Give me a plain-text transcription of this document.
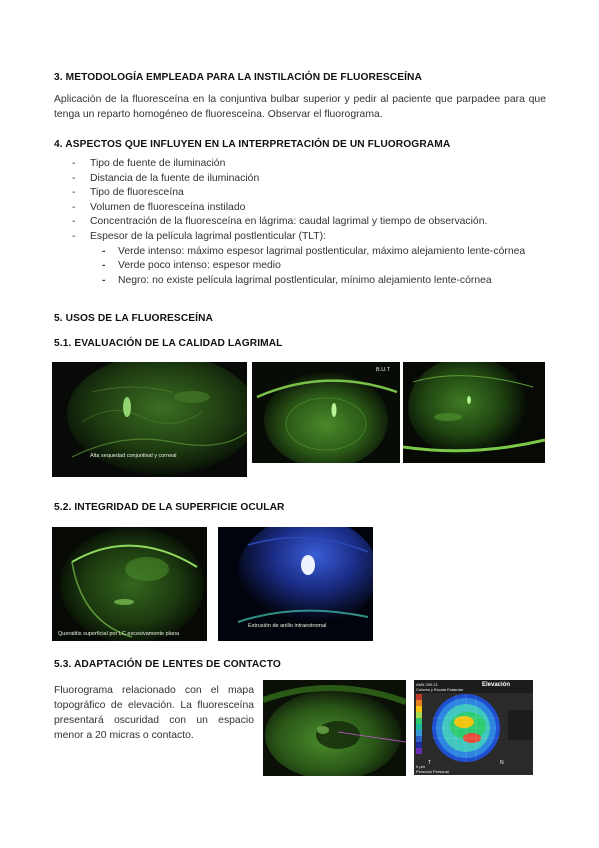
3. METODOLOGÍA EMPLEADA PARA LA INSTILACIÓN DE FLUORESCEÍNA

Aplicación de la fluoresceína en la conjuntiva bulbar superior y pedir al paciente que parpadee para que tenga un reparto homogéneo de fluoresceína. Observar el fluorograma.

4. ASPECTOS QUE INFLUYEN EN LA INTERPRETACIÓN DE UN FLUOROGRAMA
- Tipo de fuente de iluminación
- Distancia de la fuente de iluminación
- Tipo de fluoresceína
- Volumen de fluoresceína instilado
- Concentración de la fluoresceína en lágrima: caudal lagrimal y tiempo de observación.
- Espesor de la película lagrimal postlenticular (TLT):
- Verde intenso: máximo espesor lagrimal postlenticular, máximo alejamiento lente-córnea
- Verde poco intenso: espesor medio
- Negro: no existe película lagrimal postlenticular, mínimo alejamiento lente-córnea
5. USOS DE LA FLUORESCEÍNA
5.1. EVALUACIÓN DE LA CALIDAD LAGRIMAL
Alta sequedad conjuntival y corneal
B.U.T
5.2. INTEGRIDAD DE LA SUPERFICIE OCULAR
Queratitis superficial por LC excesivamente plana
Extrusión de anillo intraestromal
5.3. ADAPTACIÓN DE LENTES DE CONTACTO

Fluorograma relacionado con el mapa topográfico de elevación. La fluoresceína presentará oscuridad con un espacio menor a 20 micras o contacto.

ANN 290.21
Colores y Escala Estándar
Elevación
T	N
0 µm
Personal Personal
